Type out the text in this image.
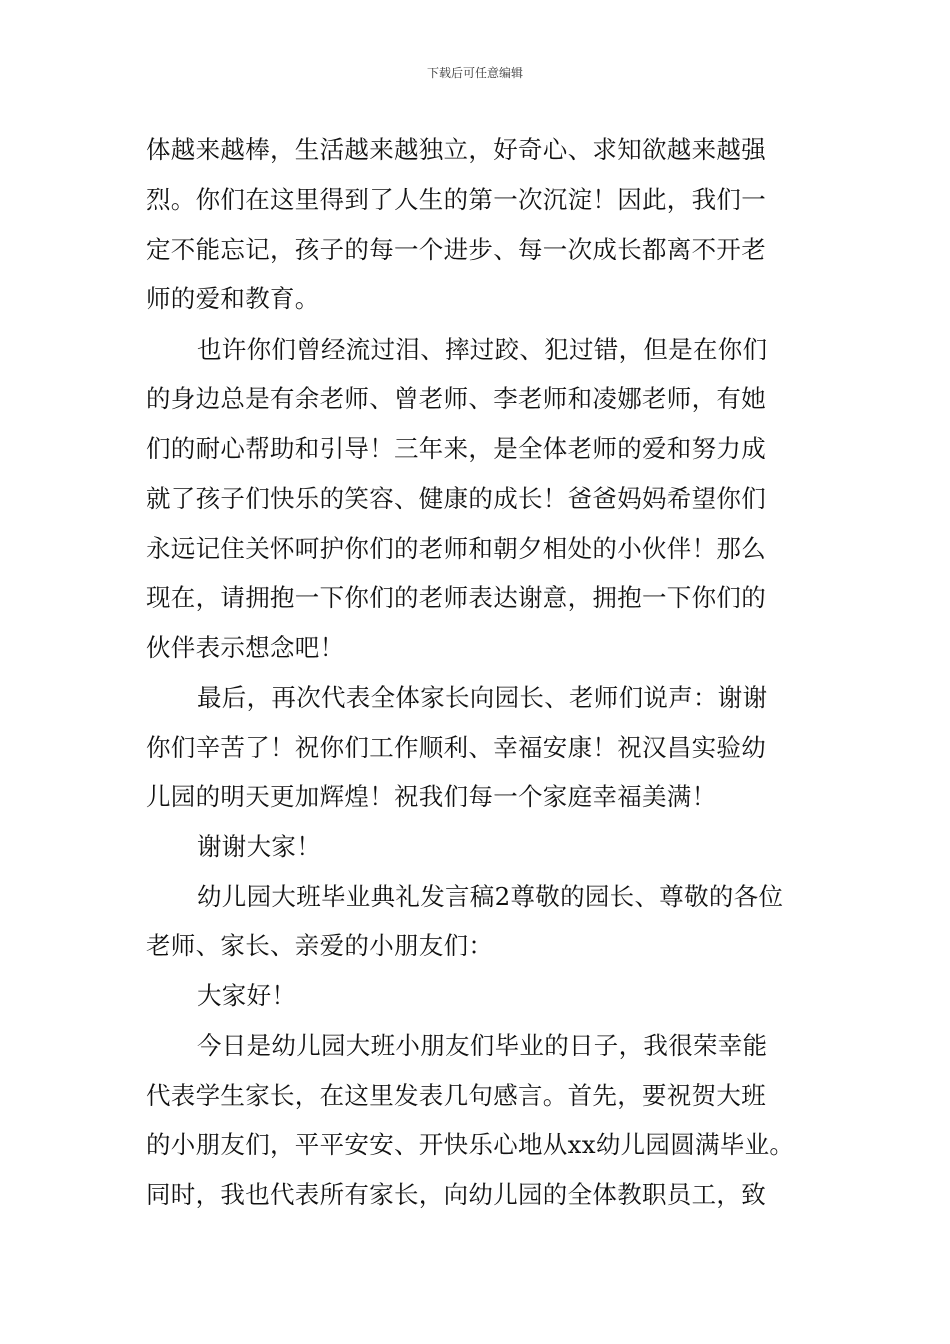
下载后可任意编辑
体越来越棒，生活越来越独立，好奇心、求知欲越来越强
烈。你们在这里得到了人生的第一次沉淀！因此，我们一
定不能忘记，孩子的每一个进步、每一次成长都离不开老
师的爱和教育。
也许你们曾经流过泪、摔过跤、犯过错，但是在你们
的身边总是有余老师、曾老师、李老师和凌娜老师，有她
们的耐心帮助和引导！三年来，是全体老师的爱和努力成
就了孩子们快乐的笑容、健康的成长！爸爸妈妈希望你们
永远记住关怀呵护你们的老师和朝夕相处的小伙伴！那么
现在，请拥抱一下你们的老师表达谢意，拥抱一下你们的
伙伴表示想念吧！
最后，再次代表全体家长向园长、老师们说声：谢谢
你们辛苦了！祝你们工作顺利、幸福安康！祝汉昌实验幼
儿园的明天更加辉煌！祝我们每一个家庭幸福美满！
谢谢大家！
幼儿园大班毕业典礼发言稿2尊敬的园长、尊敬的各位
老师、家长、亲爱的小朋友们：
大家好！
今日是幼儿园大班小朋友们毕业的日子，我很荣幸能
代表学生家长，在这里发表几句感言。首先，要祝贺大班
的小朋友们，平平安安、开快乐心地从xx幼儿园圆满毕业。
同时，我也代表所有家长，向幼儿园的全体教职员工，致
